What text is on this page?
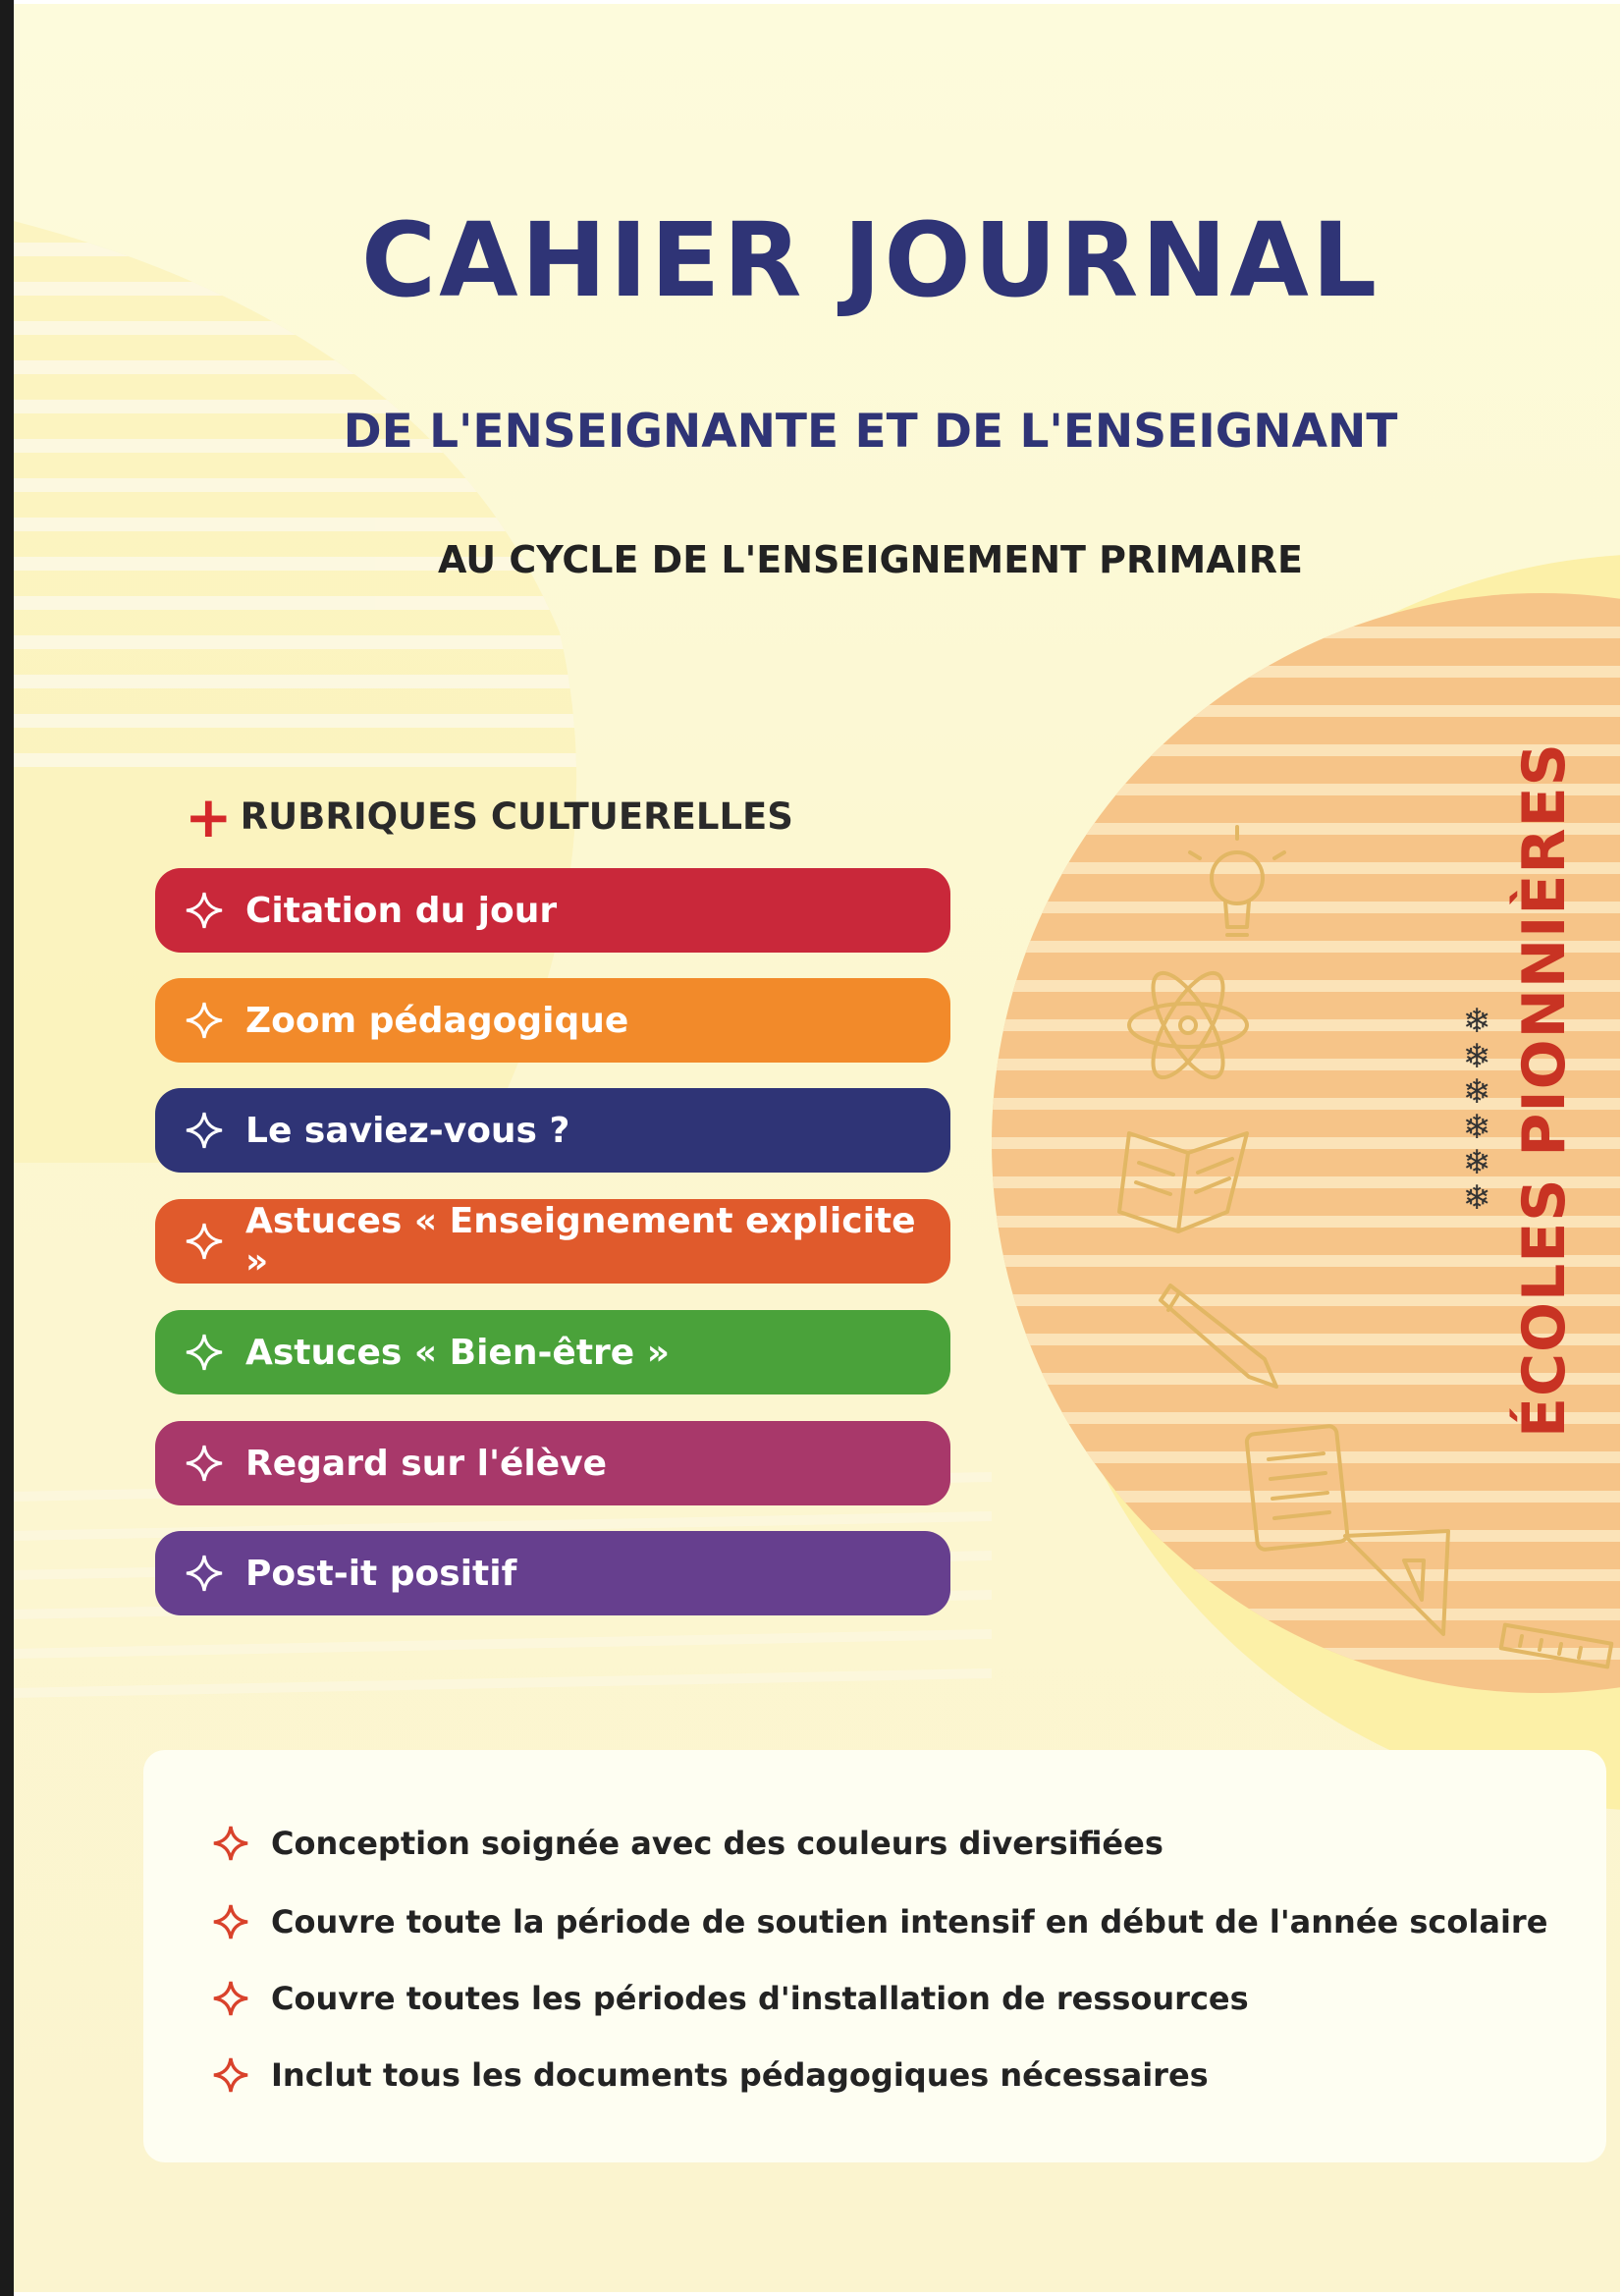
CAHIER JOURNAL
DE L'ENSEIGNANTE ET DE L'ENSEIGNANT
AU CYCLE DE L'ENSEIGNEMENT PRIMAIRE
+ RUBRIQUES CULTUERELLES
Citation du jour
Zoom pédagogique
Le saviez-vous ?
Astuces « Enseignement explicite »
Astuces « Bien-être »
Regard sur l'élève
Post-it positif
❄
❄
❄
❄
❄
❄ ÉCOLES PIONNIÈRES
Conception soignée avec des couleurs diversifiées
Couvre toute la période de soutien intensif en début de l'année scolaire
Couvre toutes les périodes d'installation de ressources
Inclut tous les documents pédagogiques nécessaires
